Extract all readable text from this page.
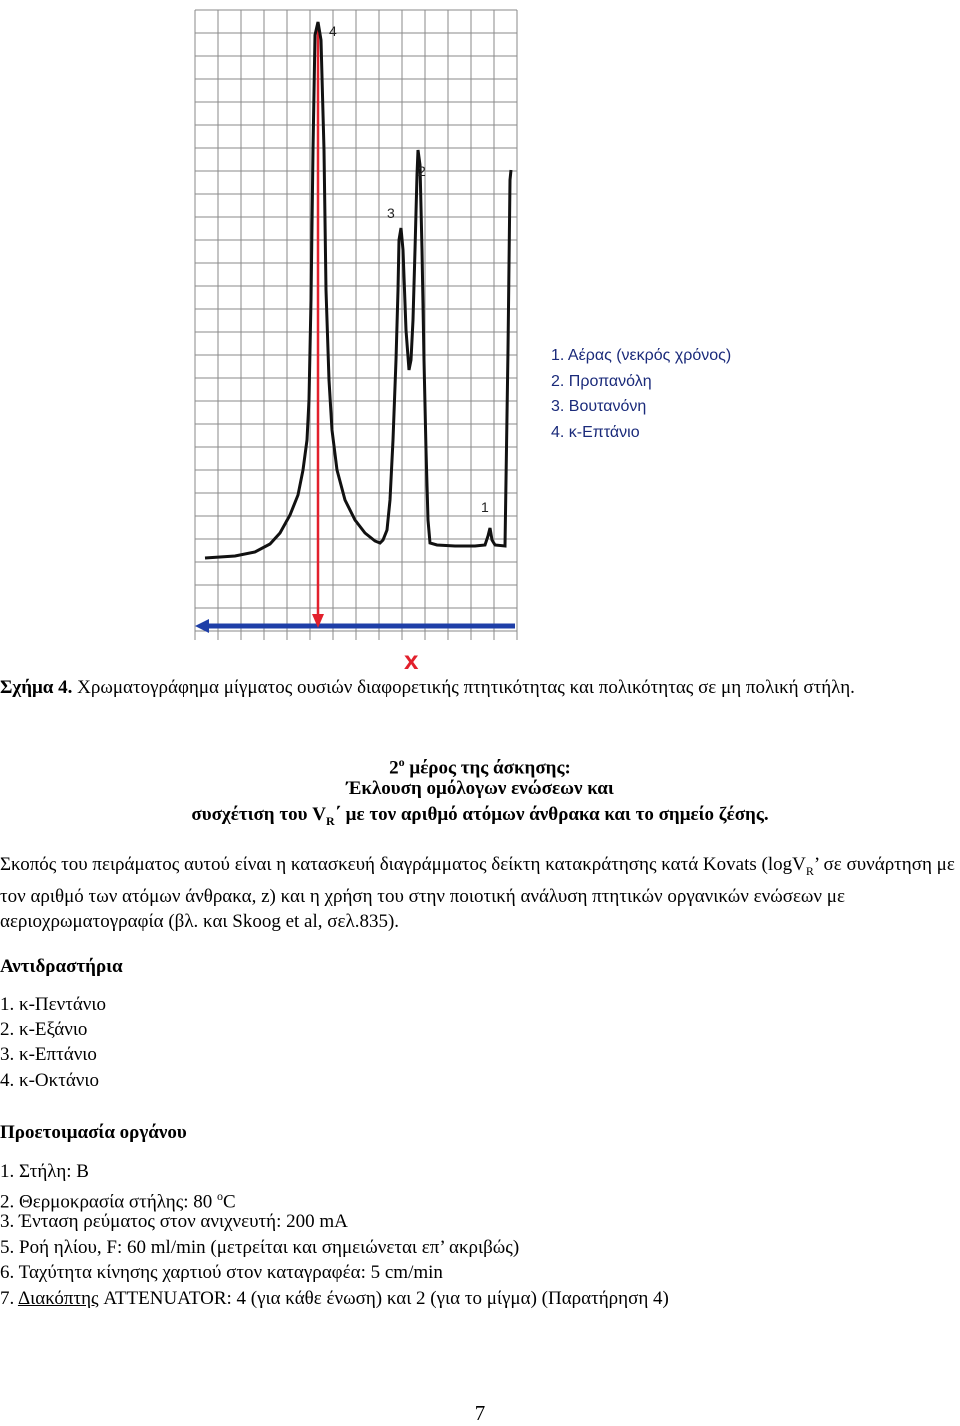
4
2
3
1
x
1. Αέρας (νεκρός χρόνος)
2. Προπανόλη
3. Βουτανόνη
4. κ-Επτάνιο
Σχήμα 4. Χρωματογράφημα μίγματος ουσιών διαφορετικής πτητικότητας και πολικότητας σε μη πολική στήλη.
$2^o$ μέρος της άσκησης:
Έκλουση ομόλογων ενώσεων και
συσχέτιση του $V_R΄$ με τον αριθμό ατόμων άνθρακα και το σημείο ζέσης.
Σκοπός του πειράματος αυτού είναι η κατασκευή διαγράμματος δείκτη κατακράτησης κατά Kovats (logV$_R$’ σε συνάρτηση με τον αριθμό των ατόμων άνθρακα, z) και η χρήση του στην ποιοτική ανάλυση πτητικών οργανικών ενώσεων με αεριοχρωματογραφία (βλ. και Skoog et al, σελ.835).
Αντιδραστήρια
1. κ-Πεντάνιο
2. κ-Εξάνιο
3. κ-Επτάνιο
4. κ-Οκτάνιο
Προετοιμασία οργάνου
1. Στήλη: B
2. Θερμοκρασία στήλης: 80 $^o$C
3. Ένταση ρεύματος στον ανιχνευτή: 200 mA
5. Ροή ηλίου, F: 60 ml/min (μετρείται και σημειώνεται επ’ ακριβώς)
6. Ταχύτητα κίνησης χαρτιού στον καταγραφέα: 5 cm/min
7. Διακόπτης ATTENUATOR: 4 (για κάθε ένωση) και 2 (για το μίγμα) (Παρατήρηση 4)
7
